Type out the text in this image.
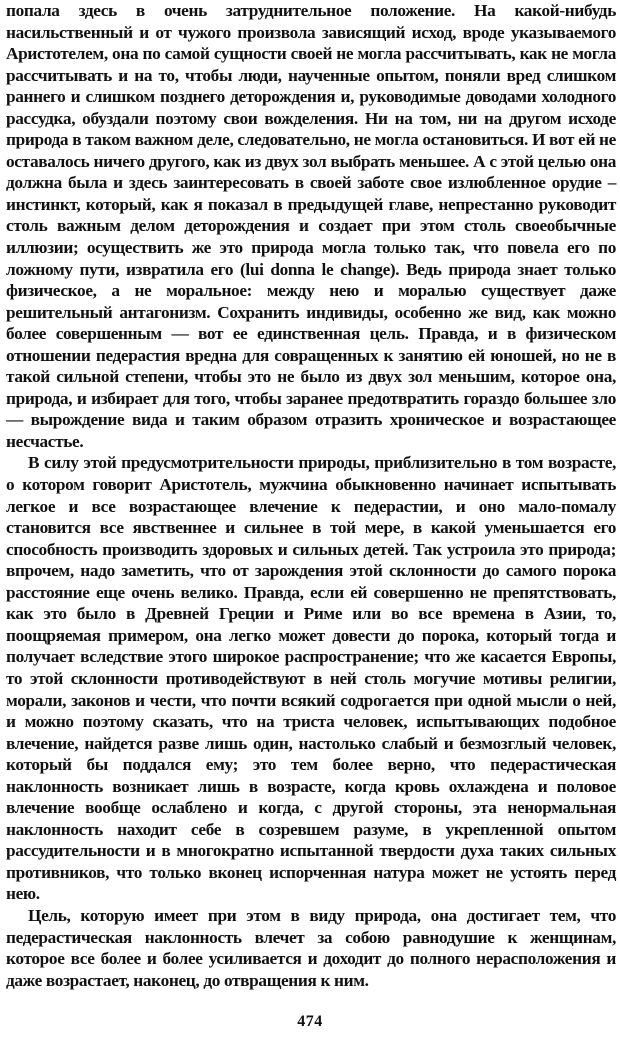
попала здесь в очень затруднительное положение. На какой-нибудь насильственный и от чужого произвола зависящий исход, вроде указываемого Аристотелем, она по самой сущности своей не могла рассчитывать, как не могла рассчитывать и на то, чтобы люди, наученные опытом, поняли вред слишком раннего и слишком позднего деторождения и, руководимые доводами холодного рассудка, обуздали поэтому свои вожделения. Ни на том, ни на другом исходе природа в таком важном деле, следовательно, не могла остановиться. И вот ей не оставалось ничего другого, как из двух зол выбрать меньшее. А с этой целью она должна была и здесь заинтересовать в своей заботе свое излюбленное орудие – инстинкт, который, как я показал в предыдущей главе, непрестанно руководит столь важным делом деторождения и создает при этом столь своеобычные иллюзии; осуществить же это природа могла только так, что повела его по ложному пути, извратила его (lui donna le change). Ведь природа знает только физическое, а не моральное: между нею и моралью существует даже решительный антагонизм. Сохранить индивиды, особенно же вид, как можно более совершенным — вот ее единственная цель. Правда, и в физическом отношении педерастия вредна для совращенных к занятию ей юношей, но не в такой сильной степени, чтобы это не было из двух зол меньшим, которое она, природа, и избирает для того, чтобы заранее предотвратить гораздо большее зло — вырождение вида и таким образом отразить хроническое и возрастающее несчастье.

В силу этой предусмотрительности природы, приблизительно в том возрасте, о котором говорит Аристотель, мужчина обыкновенно начинает испытывать легкое и все возрастающее влечение к педерастии, и оно мало-помалу становится все явственнее и сильнее в той мере, в какой уменьшается его способность производить здоровых и сильных детей. Так устроила это природа; впрочем, надо заметить, что от зарождения этой склонности до самого порока расстояние еще очень велико. Правда, если ей совершенно не препятствовать, как это было в Древней Греции и Риме или во все времена в Азии, то, поощряемая примером, она легко может довести до порока, который тогда и получает вследствие этого широкое распространение; что же касается Европы, то этой склонности противодействуют в ней столь могучие мотивы религии, морали, законов и чести, что почти всякий содрогается при одной мысли о ней, и можно поэтому сказать, что на триста человек, испытывающих подобное влечение, найдется разве лишь один, настолько слабый и безмозглый человек, который бы поддался ему; это тем более верно, что педерастическая наклонность возникает лишь в возрасте, когда кровь охлаждена и половое влечение вообще ослаблено и когда, с другой стороны, эта ненормальная наклонность находит себе в созревшем разуме, в укрепленной опытом рассудительности и в многократно испытанной твердости духа таких сильных противников, что только вконец испорченная натура может не устоять перед нею.

Цель, которую имеет при этом в виду природа, она достигает тем, что педерастическая наклонность влечет за собою равнодушие к женщинам, которое все более и более усиливается и доходит до полного нерасположения и даже возрастает, наконец, до отвращения к ним.

474
